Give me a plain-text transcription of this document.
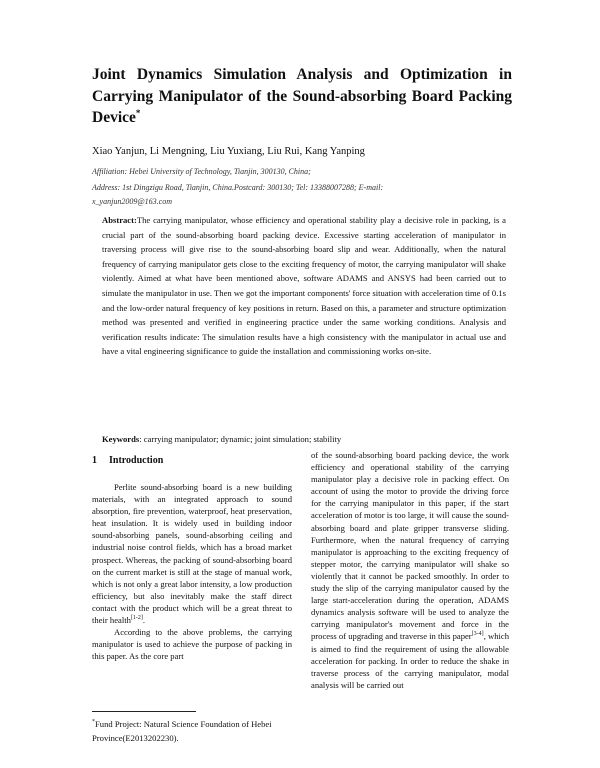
Joint Dynamics Simulation Analysis and Optimization in Carrying Manipulator of the Sound-absorbing Board Packing Device*
Xiao Yanjun, Li Mengning, Liu Yuxiang, Liu Rui, Kang Yanping
Affiliation: Hebei University of Technology, Tianjin, 300130, China;
Address: 1st Dingzigu Road, Tianjin, China.Postcard: 300130; Tel: 13388007288; E-mail:
x_yanjun2009@163.com
Abstract:The carrying manipulator, whose efficiency and operational stability play a decisive role in packing, is a crucial part of the sound-absorbing board packing device. Excessive starting acceleration of manipulator in traversing process will give rise to the sound-absorbing board slip and wear. Additionally, when the natural frequency of carrying manipulator gets close to the exciting frequency of motor, the carrying manipulator will shake violently. Aimed at what have been mentioned above, software ADAMS and ANSYS had been carried out to simulate the manipulator in use. Then we got the important components' force situation with acceleration time of 0.1s and the low-order natural frequency of key positions in return. Based on this, a parameter and structure optimization method was presented and verified in engineering practice under the same working conditions. Analysis and verification results indicate: The simulation results have a high consistency with the manipulator in actual use and have a vital engineering significance to guide the installation and commissioning works on-site.
Keywords: carrying manipulator; dynamic; joint simulation; stability
1 Introduction

Perlite sound-absorbing board is a new building materials, with an integrated approach to sound absorption, fire prevention, waterproof, heat preservation, heat insulation. It is widely used in building indoor sound-absorbing panels, sound-absorbing ceiling and industrial noise control fields, which has a broad market prospect. Whereas, the packing of sound-absorbing board on the current market is still at the stage of manual work, which is not only a great labor intensity, a low production efficiency, but also inevitably make the staff direct contact with the product which will be a great threat to their health[1-2].

According to the above problems, the carrying manipulator is used to achieve the purpose of packing in this paper. As the core part

of the sound-absorbing board packing device, the work efficiency and operational stability of the carrying manipulator play a decisive role in packing effect. On account of using the motor to provide the driving force for the carrying manipulator in this paper, if the start acceleration of motor is too large, it will cause the sound-absorbing board and plate gripper transverse sliding. Furthermore, when the natural frequency of carrying manipulator is approaching to the exciting frequency of stepper motor, the carrying manipulator will shake so violently that it cannot be packed smoothly. In order to study the slip of the carrying manipulator caused by the large start-acceleration during the operation, ADAMS dynamics analysis software will be used to analyze the carrying manipulator's movement and force in the process of upgrading and traverse in this paper[3-4], which is aimed to find the requirement of using the allowable acceleration for packing. In order to reduce the shake in traverse process of the carrying manipulator, modal analysis will be carried out

*Fund Project: Natural Science Foundation of Hebei Province(E2013202230).
